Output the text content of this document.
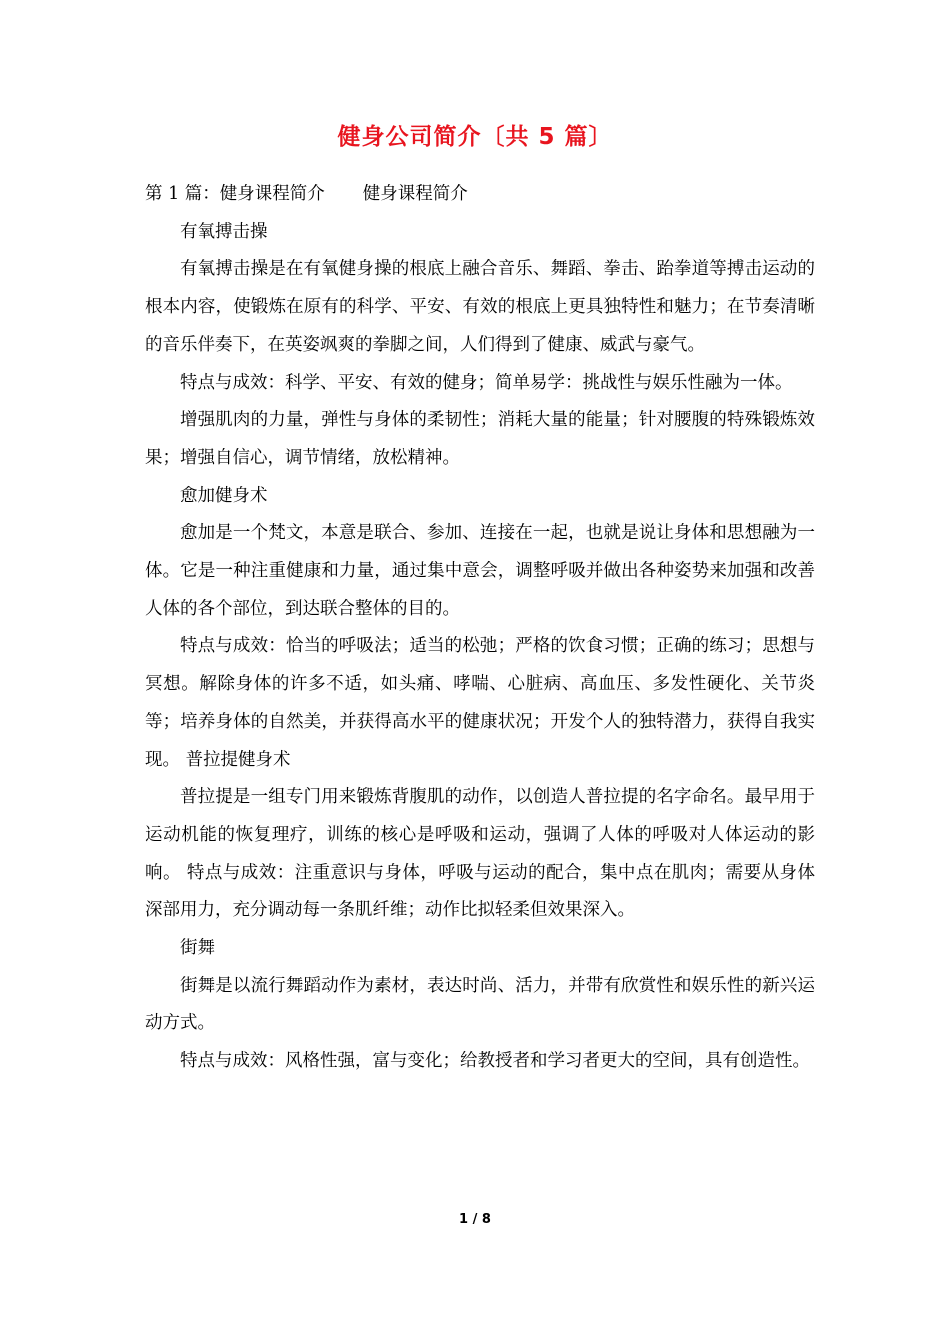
健身公司简介〔共 5 篇〕

第 1 篇：健身课程简介 健身课程简介

有氧搏击操

有氧搏击操是在有氧健身操的根底上融合音乐、舞蹈、拳击、跆拳道等搏击运动的根本内容，使锻炼在原有的科学、平安、有效的根底上更具独特性和魅力；在节奏清晰的音乐伴奏下，在英姿飒爽的拳脚之间，人们得到了健康、威武与豪气。

特点与成效：科学、平安、有效的健身；简单易学：挑战性与娱乐性融为一体。

增强肌肉的力量，弹性与身体的柔韧性；消耗大量的能量；针对腰腹的特殊锻炼效果；增强自信心，调节情绪，放松精神。

愈加健身术

愈加是一个梵文，本意是联合、参加、连接在一起，也就是说让身体和思想融为一体。它是一种注重健康和力量，通过集中意会，调整呼吸并做出各种姿势来加强和改善人体的各个部位，到达联合整体的目的。

特点与成效：恰当的呼吸法；适当的松弛；严格的饮食习惯；正确的练习；思想与冥想。解除身体的许多不适，如头痛、哮喘、心脏病、高血压、多发性硬化、关节炎等；培养身体的自然美，并获得高水平的健康状况；开发个人的独特潜力，获得自我实现。 普拉提健身术

普拉提是一组专门用来锻炼背腹肌的动作，以创造人普拉提的名字命名。最早用于运动机能的恢复理疗，训练的核心是呼吸和运动，强调了人体的呼吸对人体运动的影响。 特点与成效：注重意识与身体，呼吸与运动的配合，集中点在肌肉；需要从身体深部用力，充分调动每一条肌纤维；动作比拟轻柔但效果深入。

街舞

街舞是以流行舞蹈动作为素材，表达时尚、活力，并带有欣赏性和娱乐性的新兴运动方式。

特点与成效：风格性强，富与变化；给教授者和学习者更大的空间，具有创造性。

1 / 8
